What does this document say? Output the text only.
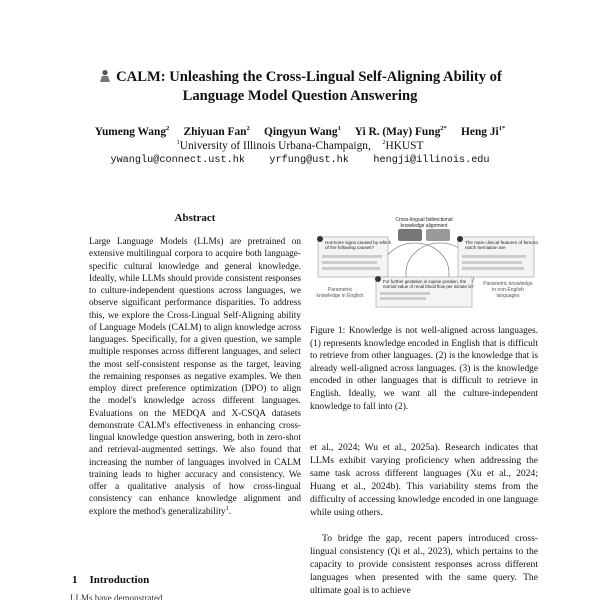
CALM: Unleashing the Cross-Lingual Self-Aligning Ability of
Language Model Question Answering
Yumeng Wang$^2$ Zhiyuan Fan$^2$ Qingyun Wang$^1$ Yi R. (May) Fung$^{2*}$ Heng Ji$^{1*}$
$^1$University of Illinois Urbana-Champaign, $^2$HKUST
ywanglu@connect.ust.hk yrfung@ust.hk hengji@illinois.edu
Abstract

Large Language Models (LLMs) are pretrained on extensive multilingual corpora to acquire both language-specific cultural knowledge and general knowledge. Ideally, while LLMs should provide consistent responses to culture-independent questions across languages, we observe significant performance disparities. To address this, we explore the Cross-Lingual Self-Aligning ability of Language Models (CALM) to align knowledge across languages. Specifically, for a given question, we sample multiple responses across different languages, and select the most self-consistent response as the target, leaving the remaining responses as negative examples. We then employ direct preference optimization (DPO) to align the model's knowledge across different languages. Evaluations on the MEDQA and X-CSQA datasets demonstrate CALM's effectiveness in enhancing cross-lingual knowledge question answering, both in zero-shot and retrieval-augmented settings. We also found that increasing the number of languages involved in CALM training leads to higher accuracy and consistency. We offer a qualitative analysis of how cross-lingual consistency can enhance knowledge alignment and explore the method's generalizability$^1$.

1 Introduction
Cross-lingual bidirectional
knowledge alignment
Hormone signs caused by which
of the following causes?
The main clinical features of femoral
notch herniation are
For further gestation in supine position, the
normal value of renal blood flow per minute is?
Parametric
knowledge in English
Parametric knowledge
in non-English
languages
Figure 1: Knowledge is not well-aligned across languages. (1) represents knowledge encoded in English that is difficult to retrieve from other languages. (2) is the knowledge that is already well-aligned across languages. (3) is the knowledge encoded in other languages that is difficult to retrieve in English. Ideally, we want all the culture-independent knowledge to fall into (2).
et al., 2024; Wu et al., 2025a). Research indicates that LLMs exhibit varying proficiency when addressing the same task across different languages (Xu et al., 2024; Huang et al., 2024b). This variability stems from the difficulty of accessing knowledge encoded in one language while using others.
To bridge the gap, recent papers introduced cross-lingual consistency (Qi et al., 2023), which pertains to the capacity to provide consistent responses across different languages when presented with the same query. The ultimate goal is to achieve
LLMs have demonstrated...
